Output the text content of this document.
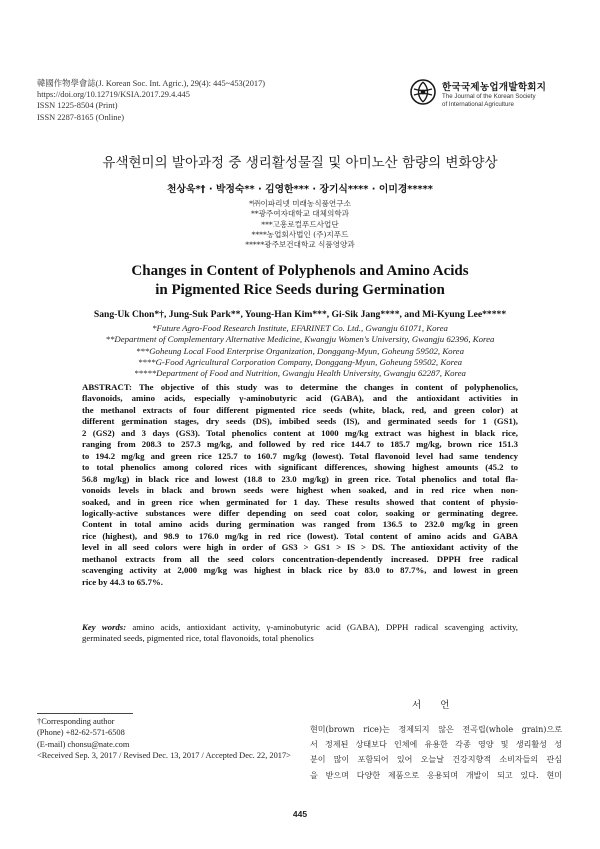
韓國作物學會誌(J. Korean Soc. Int. Agric.), 29(4): 445~453(2017)
https://doi.org/10.12719/KSIA.2017.29.4.445
ISSN 1225-8504 (Print)
ISSN 2287-8165 (Online)
한국국제농업개발학회지
The Journal of the Korean Society
of International Agriculture
유색현미의 발아과정 중 생리활성물질 및 아미노산 함량의 변화양상
천상욱*† · 박정숙** · 김영한*** · 장기식**** · 이미경*****
*㈜이파리넷 미래농식품연구소
**광주여자대학교 대체의학과
***고흥로컬푸드사업단
****농업회사법인 (주)지푸드
*****광주보건대학교 식품영양과
Changes in Content of Polyphenols and Amino Acids
in Pigmented Rice Seeds during Germination
Sang-Uk Chon*†, Jung-Suk Park**, Young-Han Kim***, Gi-Sik Jang****, and Mi-Kyung Lee*****
*Future Agro-Food Research Institute, EFARINET Co. Ltd., Gwangju 61071, Korea
**Department of Complementary Alternative Medicine, Kwangju Women's University, Gwangju 62396, Korea
***Goheung Local Food Enterprise Organization, Donggang-Myun, Goheung 59502, Korea
****G-Food Agricultural Corporation Company, Donggang-Myun, Goheung 59502, Korea
*****Department of Food and Nutrition, Gwangju Health University, Gwangju 62287, Korea
ABSTRACT: The objective of this study was to determine the changes in content of polyphenolics,
flavonoids, amino acids, especially γ-aminobutyric acid (GABA), and the antioxidant activities in
the methanol extracts of four different pigmented rice seeds (white, black, red, and green color) at
different germination stages, dry seeds (DS), imbibed seeds (IS), and germinated seeds for 1 (GS1),
2 (GS2) and 3 days (GS3). Total phenolics content at 1000 mg/kg extract was highest in black rice,
ranging from 208.3 to 257.3 mg/kg, and followed by red rice 144.7 to 185.7 mg/kg, brown rice 151.3
to 194.2 mg/kg and green rice 125.7 to 160.7 mg/kg (lowest). Total flavonoid level had same tendency
to total phenolics among colored rices with significant differences, showing highest amounts (45.2 to
56.8 mg/kg) in black rice and lowest (18.8 to 23.0 mg/kg) in green rice. Total phenolics and total fla-
vonoids levels in black and brown seeds were highest when soaked, and in red rice when non-
soaked, and in green rice when germinated for 1 day. These results showed that content of physio-
logically-active substances were differ depending on seed coat color, soaking or germinating degree.
Content in total amino acids during germination was ranged from 136.5 to 232.0 mg/kg in green
rice (highest), and 98.9 to 176.0 mg/kg in red rice (lowest). Total content of amino acids and GABA
level in all seed colors were high in order of GS3 > GS1 > IS > DS. The antioxidant activity of the
methanol extracts from all the seed colors concentration-dependently increased. DPPH free radical
scavenging activity at 2,000 mg/kg was highest in black rice by 83.0 to 87.7%, and lowest in green
rice by 44.3 to 65.7%.
Key words: amino acids, antioxidant activity, γ-aminobutyric acid (GABA), DPPH radical scavenging activity,
germinated seeds, pigmented rice, total flavonoids, total phenolics
서 언
현미(brown rice)는 정제되지 않은 전곡립(whole grain)으로
서 정제된 상태보다 인체에 유용한 각종 영양 및 생리활성 성
분이 많이 포함되어 있어 오늘날 건강지향적 소비자들의 관심
을 받으며 다양한 제품으로 응용되며 개발이 되고 있다. 현미
†Corresponding author
(Phone) +82-62-571-6508
(E-mail) chonsu@nate.com
<Received Sep. 3, 2017 / Revised Dec. 13, 2017 / Accepted Dec. 22, 2017>
445
